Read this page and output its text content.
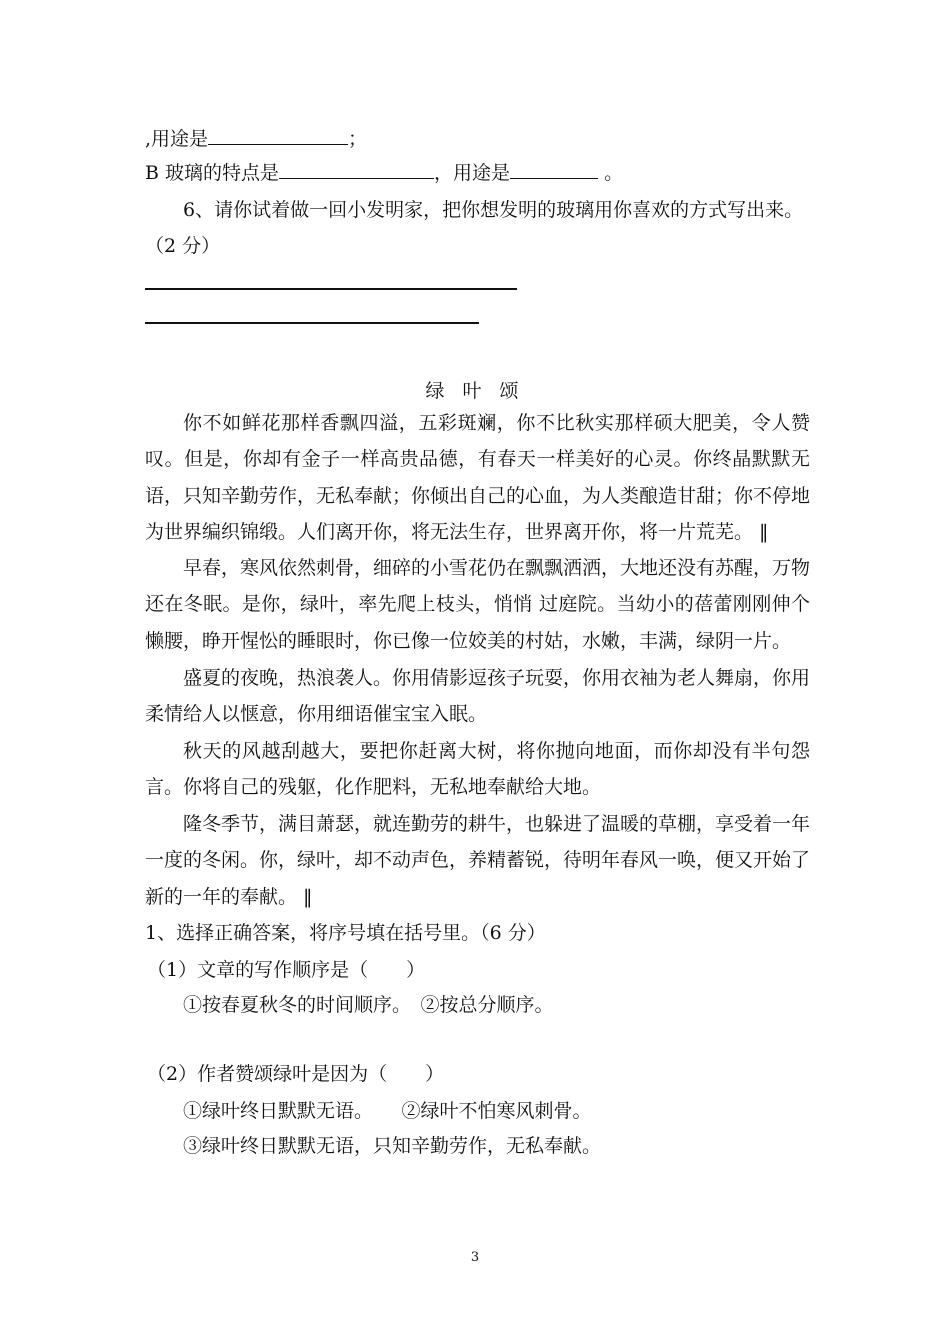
,用途是	；
B 玻璃的特点是	，用途是	。
6、请你试着做一回小发明家，把你想发明的玻璃用你喜欢的方式写出来。
（2 分）
绿 叶 颂
你不如鲜花那样香飘四溢，五彩斑斓，你不比秋实那样硕大肥美，令人赞叹。但是，你却有金子一样高贵品德，有春天一样美好的心灵。你终晶默默无语，只知辛勤劳作，无私奉献；你倾出自己的心血，为人类酿造甘甜；你不停地为世界编织锦缎。人们离开你，将无法生存，世界离开你，将一片荒芜。 ‖
早春，寒风依然刺骨，细碎的小雪花仍在飘飘洒洒，大地还没有苏醒，万物还在冬眠。是你，绿叶，率先爬上枝头，悄悄 过庭院。当幼小的蓓蕾刚刚伸个懒腰，睁开惺忪的睡眼时，你已像一位姣美的村姑，水嫩，丰满，绿阴一片。
盛夏的夜晚，热浪袭人。你用倩影逗孩子玩耍，你用衣袖为老人舞扇，你用柔情给人以惬意，你用细语催宝宝入眠。
秋天的风越刮越大，要把你赶离大树，将你抛向地面，而你却没有半句怨言。你将自己的残躯，化作肥料，无私地奉献给大地。
隆冬季节，满目萧瑟，就连勤劳的耕牛，也躲进了温暖的草棚，享受着一年一度的冬闲。你，绿叶，却不动声色，养精蓄锐，待明年春风一唤，便又开始了新的一年的奉献。 ‖
1、选择正确答案，将序号填在括号里。（6 分）
（1）文章的写作顺序是（　　）
①按春夏秋冬的时间顺序。　②按总分顺序。
（2）作者赞颂绿叶是因为（　　）
①绿叶终日默默无语。　　②绿叶不怕寒风刺骨。
③绿叶终日默默无语，只知辛勤劳作，无私奉献。
3
